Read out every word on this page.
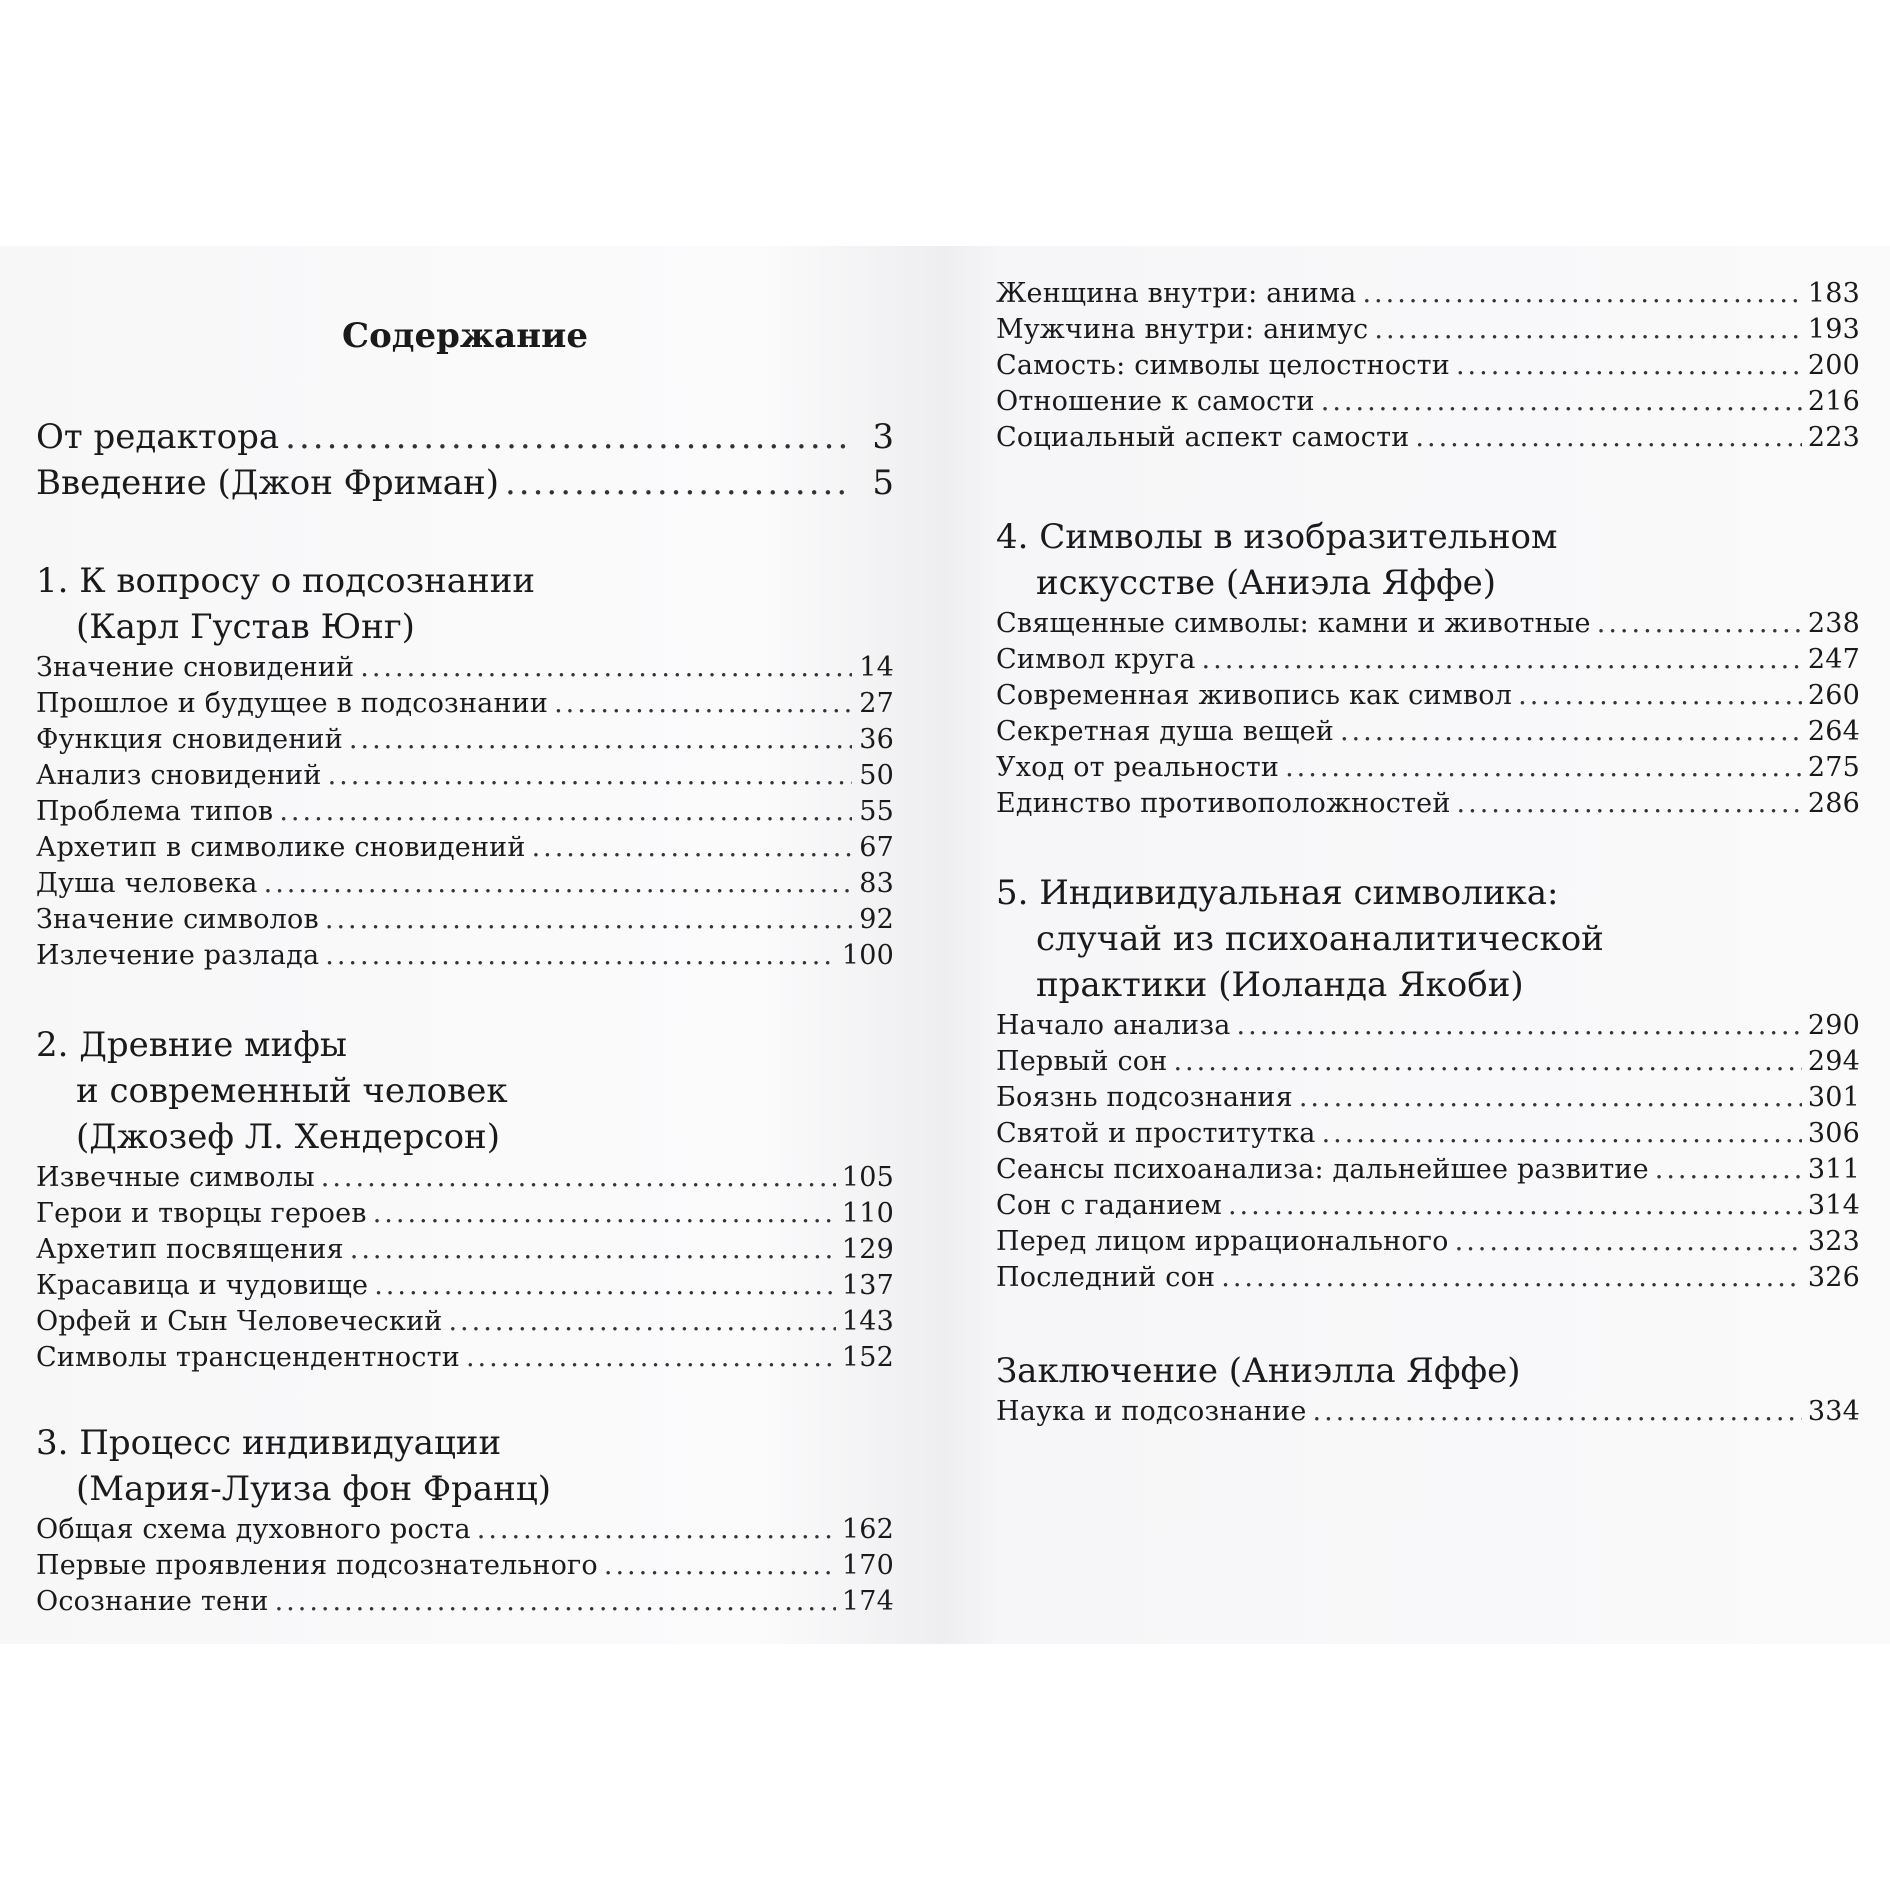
Содержание
От редактора .....	3
Введение (Джон Фриман) .....	5
1. К вопросу о подсознании
(Карл Густав Юнг)
Значение сновидений .....	14
Прошлое и будущее в подсознании .....	27
Функция сновидений .....	36
Анализ сновидений .....	50
Проблема типов .....	55
Архетип в символике сновидений .....	67
Душа человека .....	83
Значение символов .....	92
Излечение разлада .....	100
2. Древние мифы
и современный человек
(Джозеф Л. Хендерсон)
Извечные символы .....	105
Герои и творцы героев .....	110
Архетип посвящения .....	129
Красавица и чудовище .....	137
Орфей и Сын Человеческий .....	143
Символы трансцендентности .....	152
3. Процесс индивидуации
(Мария-Луиза фон Франц)
Общая схема духовного роста .....	162
Первые проявления подсознательного .....	170
Осознание тени .....	174
Женщина внутри: анима .....	183
Мужчина внутри: анимус .....	193
Самость: символы целостности .....	200
Отношение к самости .....	216
Социальный аспект самости .....	223
4. Символы в изобразительном
искусстве (Аниэла Яффе)
Священные символы: камни и животные .....	238
Символ круга .....	247
Современная живопись как символ .....	260
Секретная душа вещей .....	264
Уход от реальности .....	275
Единство противоположностей .....	286
5. Индивидуальная символика:
случай из психоаналитической
практики (Иоланда Якоби)
Начало анализа .....	290
Первый сон .....	294
Боязнь подсознания .....	301
Святой и проститутка .....	306
Сеансы психоанализа: дальнейшее развитие .....	311
Сон с гаданием .....	314
Перед лицом иррационального .....	323
Последний сон .....	326
Заключение (Аниэлла Яффе)
Наука и подсознание .....	334
